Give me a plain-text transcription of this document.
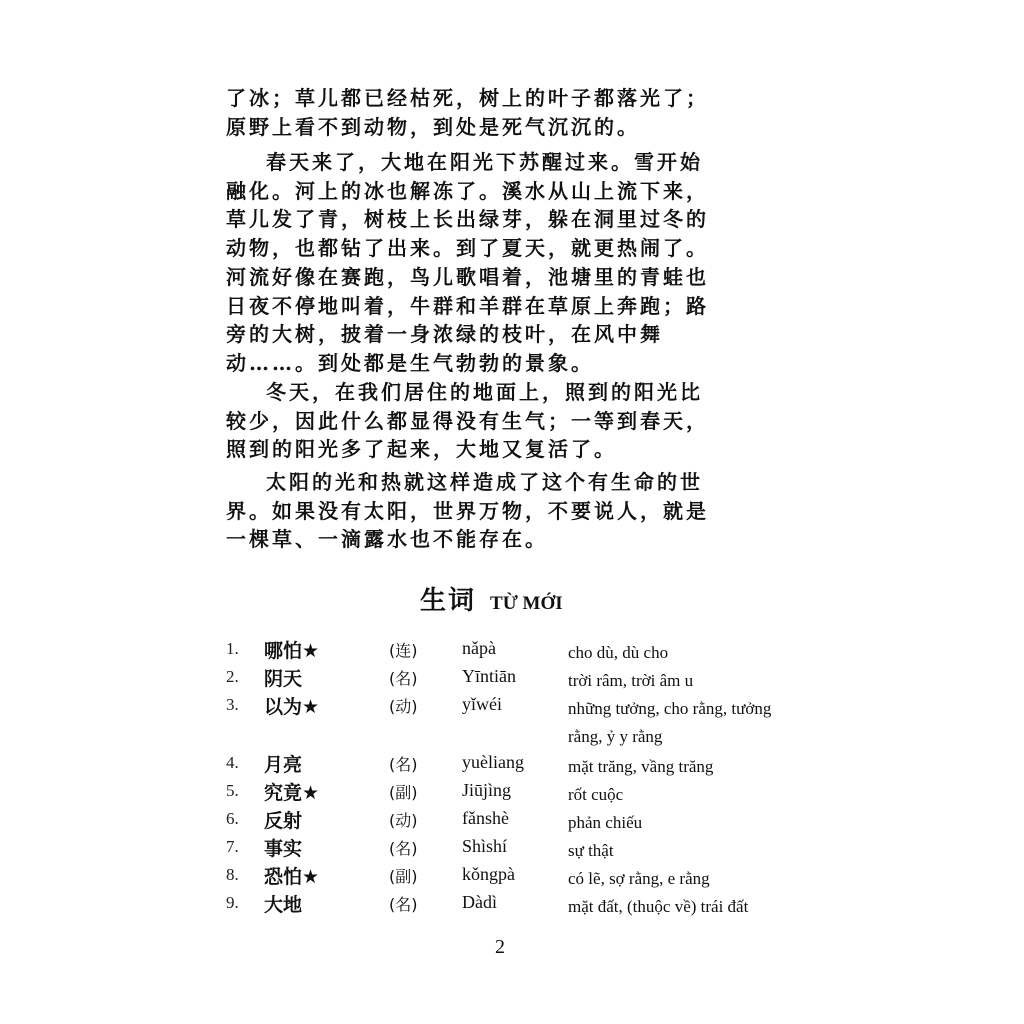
了冰；草儿都已经枯死，树上的叶子都落光了；
原野上看不到动物，到处是死气沉沉的。

春天来了，大地在阳光下苏醒过来。雪开始
融化。河上的冰也解冻了。溪水从山上流下来，
草儿发了青，树枝上长出绿芽，躲在洞里过冬的
动物，也都钻了出来。到了夏天，就更热闹了。
河流好像在赛跑，鸟儿歌唱着，池塘里的青蛙也
日夜不停地叫着，牛群和羊群在草原上奔跑；路
旁的大树，披着一身浓绿的枝叶，在风中舞
动……。到处都是生气勃勃的景象。

冬天，在我们居住的地面上，照到的阳光比
较少，因此什么都显得没有生气；一等到春天，
照到的阳光多了起来，大地又复活了。

太阳的光和热就这样造成了这个有生命的世
界。如果没有太阳，世界万物，不要说人，就是
一棵草、一滴露水也不能存在。

生词 TỪ MỚI
1. 哪怕★	(连) nǎpà	cho dù, dù cho
2. 阴天	(名) Yīntiān	trời râm, trời âm u
3. 以为★	(动) yǐwéi	những tưởng, cho rằng, tưởng rằng, ỷ y rằng
4. 月亮	(名) yuèliang	mặt trăng, vầng trăng
5. 究竟★	(副) Jiūjìng	rốt cuộc
6. 反射	(动) fǎnshè	phản chiếu
7. 事实	(名) Shìshí	sự thật
8. 恐怕★	(副) kǒngpà	có lẽ, sợ rằng, e rằng
9. 大地	(名) Dàdì	mặt đất, (thuộc về) trái đất
2
